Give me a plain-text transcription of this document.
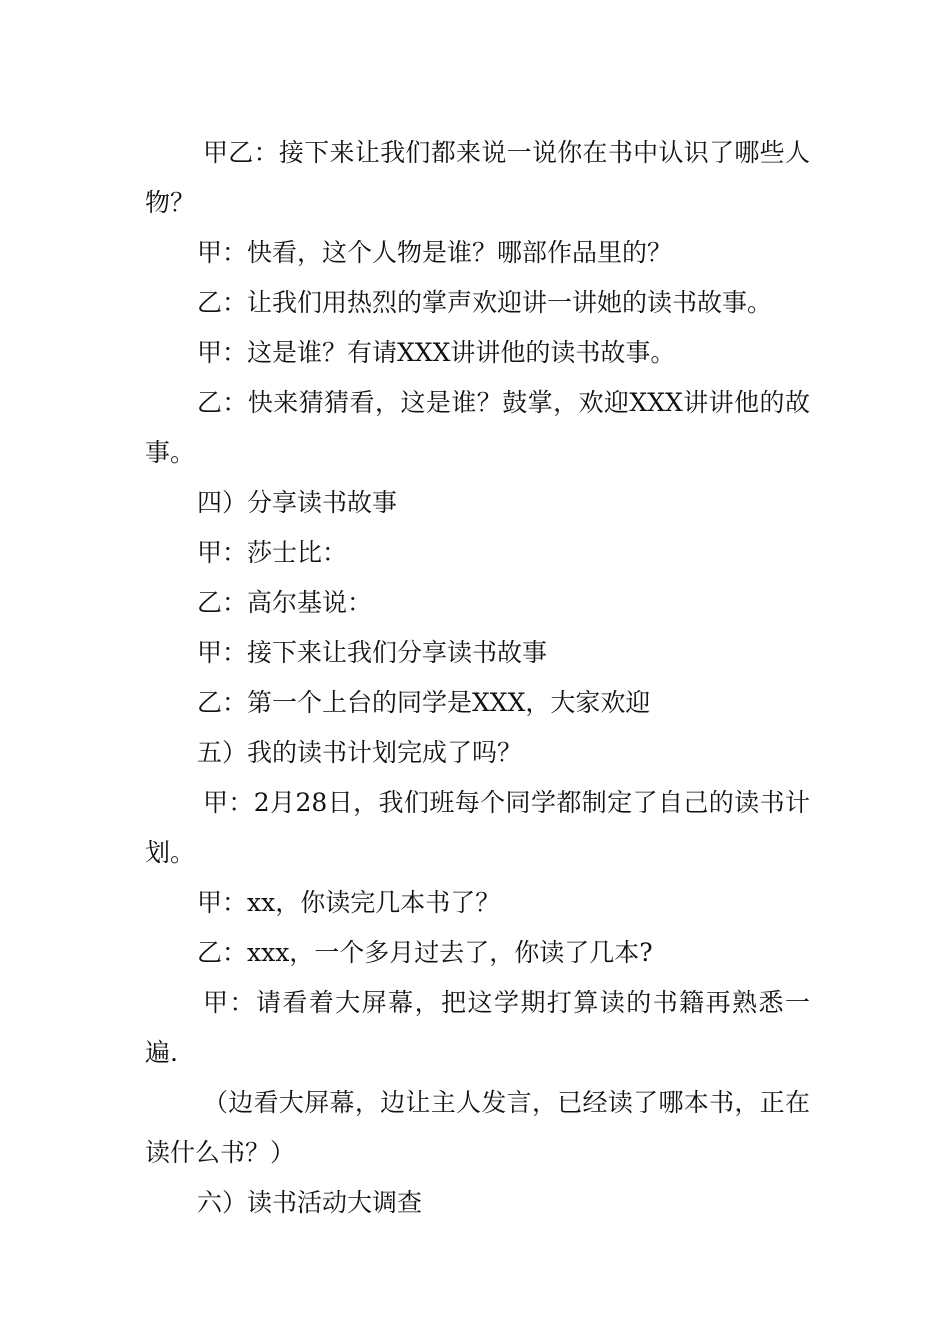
甲乙：接下来让我们都来说一说你在书中认识了哪些人物？

甲：快看，这个人物是谁？哪部作品里的？

乙：让我们用热烈的掌声欢迎讲一讲她的读书故事。

甲：这是谁？有请XXX讲讲他的读书故事。

乙：快来猜猜看，这是谁？鼓掌，欢迎XXX讲讲他的故事。

四）分享读书故事

甲：莎士比：

乙：高尔基说：

甲：接下来让我们分享读书故事

乙：第一个上台的同学是XXX，大家欢迎

五）我的读书计划完成了吗？

甲：2月28日，我们班每个同学都制定了自己的读书计划。

甲：xx，你读完几本书了？

乙：xxx，一个多月过去了，你读了几本?

甲：请看着大屏幕，把这学期打算读的书籍再熟悉一遍.

（边看大屏幕，边让主人发言，已经读了哪本书，正在读什么书？）

六）读书活动大调查
